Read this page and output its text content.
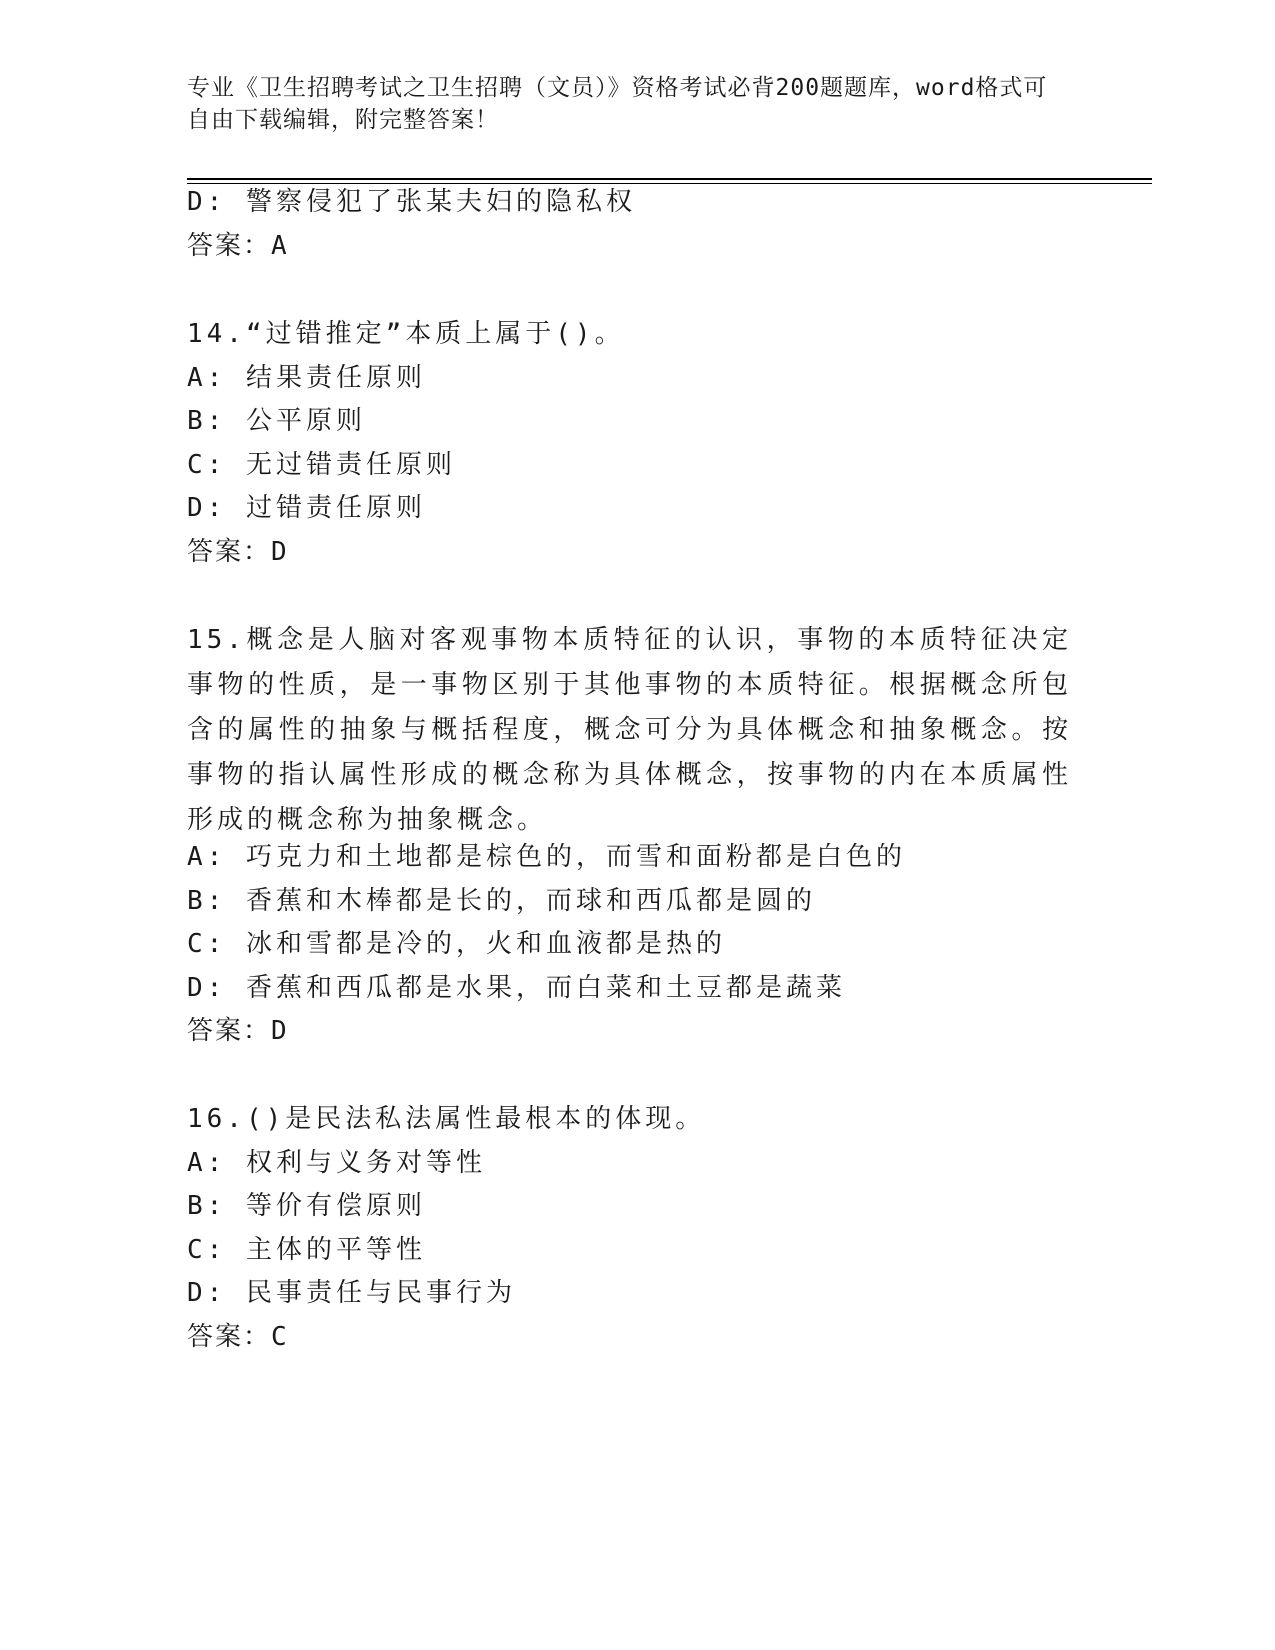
专业《卫生招聘考试之卫生招聘（文员）》资格考试必背200题题库，word格式可自由下载编辑，附完整答案！
D: 警察侵犯了张某夫妇的隐私权
答案：A
14.“过错推定”本质上属于()。
A: 结果责任原则
B: 公平原则
C: 无过错责任原则
D: 过错责任原则
答案：D
15.概念是人脑对客观事物本质特征的认识，事物的本质特征决定事物的性质，是一事物区别于其他事物的本质特征。根据概念所包含的属性的抽象与概括程度，概念可分为具体概念和抽象概念。按事物的指认属性形成的概念称为具体概念，按事物的内在本质属性形成的概念称为抽象概念。
A: 巧克力和土地都是棕色的，而雪和面粉都是白色的
B: 香蕉和木棒都是长的，而球和西瓜都是圆的
C: 冰和雪都是冷的，火和血液都是热的
D: 香蕉和西瓜都是水果，而白菜和土豆都是蔬菜
答案：D
16.()是民法私法属性最根本的体现。
A: 权利与义务对等性
B: 等价有偿原则
C: 主体的平等性
D: 民事责任与民事行为
答案：C
